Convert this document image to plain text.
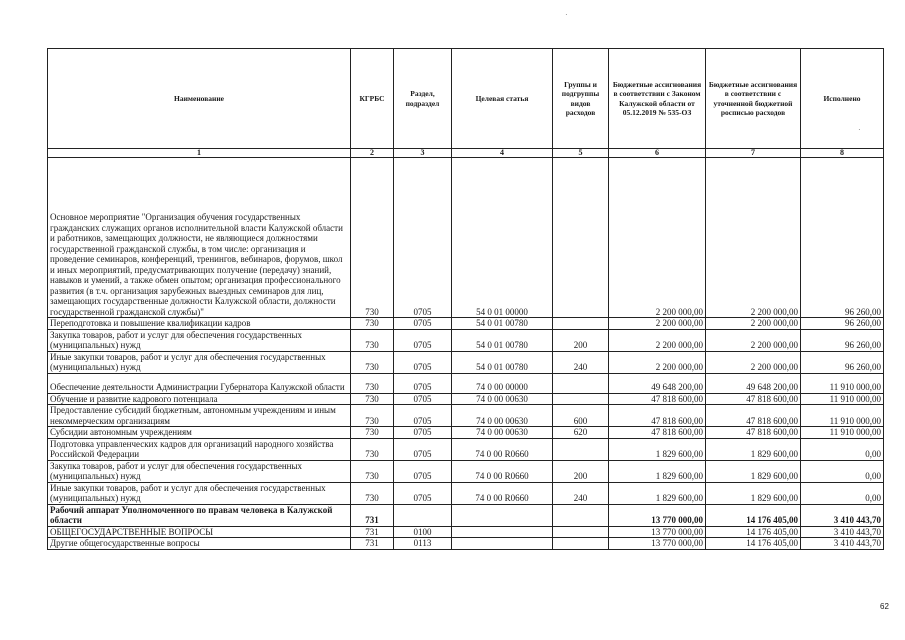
Наименование	КГРБС	Раздел, подраздел	Целевая статья	Группы и подгруппы видов расходов	Бюджетные ассигнования в соответствии с Законом Калужской области от 05.12.2019 № 535-ОЗ	Бюджетные ассигнования в соответствии с уточненной бюджетной росписью расходов	Исполнено
1	2	3	4	5	6	7	8
Основное мероприятие "Организация обучения государственных гражданских служащих органов исполнительной власти Калужской области и работников, замещающих должности, не являющиеся должностями государственной гражданской службы, в том числе: организация и проведение семинаров, конференций, тренингов, вебинаров, форумов, школ и иных мероприятий, предусматривающих получение (передачу) знаний, навыков и умений, а также обмен опытом; организация профессионального развития (в т.ч. организация зарубежных выездных семинаров для лиц, замещающих государственные должности Калужской области, должности государственной гражданской службы)"	730	0705	54 0 01 00000		2 200 000,00	2 200 000,00	96 260,00
Переподготовка и повышение квалификации кадров	730	0705	54 0 01 00780		2 200 000,00	2 200 000,00	96 260,00
Закупка товаров, работ и услуг для обеспечения государственных (муниципальных) нужд	730	0705	54 0 01 00780	200	2 200 000,00	2 200 000,00	96 260,00
Иные закупки товаров, работ и услуг для обеспечения государственных (муниципальных) нужд	730	0705	54 0 01 00780	240	2 200 000,00	2 200 000,00	96 260,00
Обеспечение деятельности Администрации Губернатора Калужской области	730	0705	74 0 00 00000		49 648 200,00	49 648 200,00	11 910 000,00
Обучение и развитие кадрового потенциала	730	0705	74 0 00 00630		47 818 600,00	47 818 600,00	11 910 000,00
Предоставление субсидий бюджетным, автономным учреждениям и иным некоммерческим организациям	730	0705	74 0 00 00630	600	47 818 600,00	47 818 600,00	11 910 000,00
Субсидии автономным учреждениям	730	0705	74 0 00 00630	620	47 818 600,00	47 818 600,00	11 910 000,00
Подготовка управленческих кадров для организаций народного хозяйства Российской Федерации	730	0705	74 0 00 R0660		1 829 600,00	1 829 600,00	0,00
Закупка товаров, работ и услуг для обеспечения государственных (муниципальных) нужд	730	0705	74 0 00 R0660	200	1 829 600,00	1 829 600,00	0,00
Иные закупки товаров, работ и услуг для обеспечения государственных (муниципальных) нужд	730	0705	74 0 00 R0660	240	1 829 600,00	1 829 600,00	0,00
Рабочий аппарат Уполномоченного по правам человека в Калужской области	731				13 770 000,00	14 176 405,00	3 410 443,70
ОБЩЕГОСУДАРСТВЕННЫЕ ВОПРОСЫ	731	0100			13 770 000,00	14 176 405,00	3 410 443,70
Другие общегосударственные вопросы	731	0113			13 770 000,00	14 176 405,00	3 410 443,70
62
·
·
